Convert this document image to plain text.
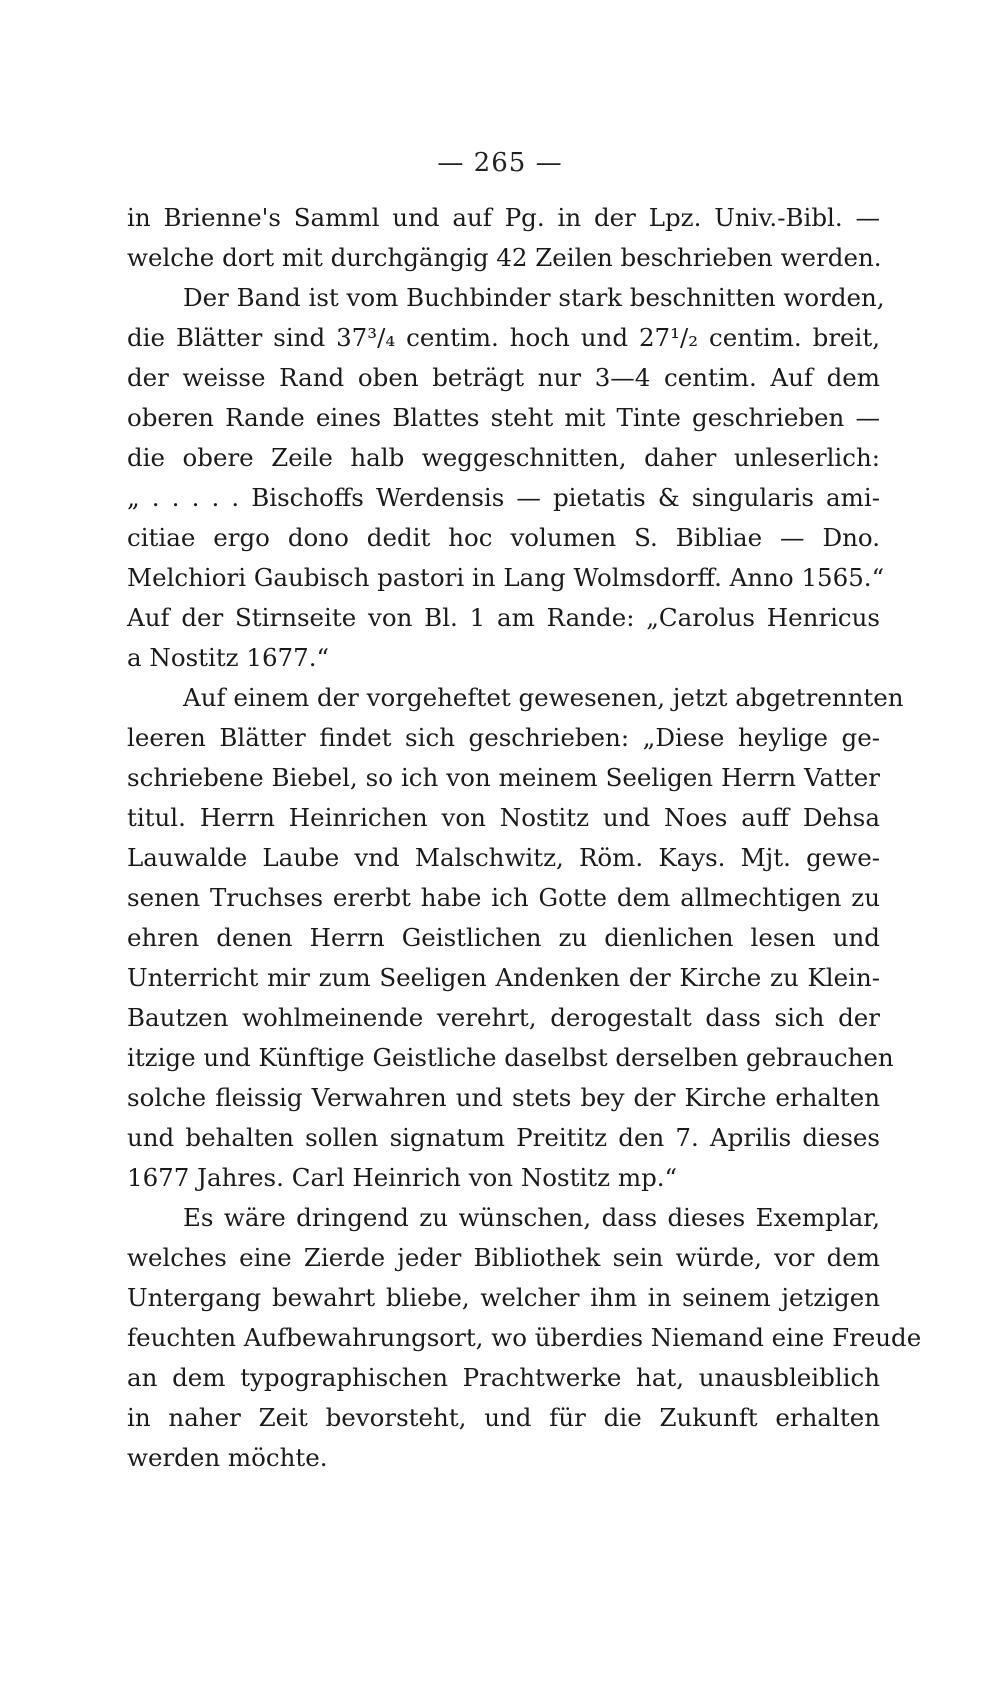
— 265 —

in Brienne's Samml und auf Pg. in der Lpz. Univ.-Bibl. —
welche dort mit durchgängig 42 Zeilen beschrieben werden.

Der Band ist vom Buchbinder stark beschnitten worden,
die Blätter sind 37³/₄ centim. hoch und 27¹/₂ centim. breit,
der weisse Rand oben beträgt nur 3—4 centim. Auf dem
oberen Rande eines Blattes steht mit Tinte geschrieben —
die obere Zeile halb weggeschnitten, daher unleserlich:
„ . . . . . Bischoffs Werdensis — pietatis & singularis ami-
citiae ergo dono dedit hoc volumen S. Bibliae — Dno.
Melchiori Gaubisch pastori in Lang Wolmsdorff. Anno 1565.“
Auf der Stirnseite von Bl. 1 am Rande: „Carolus Henricus
a Nostitz 1677.“

Auf einem der vorgeheftet gewesenen, jetzt abgetrennten
leeren Blätter findet sich geschrieben: „Diese heylige ge-
schriebene Biebel, so ich von meinem Seeligen Herrn Vatter
titul. Herrn Heinrichen von Nostitz und Noes auff Dehsa
Lauwalde Laube vnd Malschwitz, Röm. Kays. Mjt. gewe-
senen Truchses ererbt habe ich Gotte dem allmechtigen zu
ehren denen Herrn Geistlichen zu dienlichen lesen und
Unterricht mir zum Seeligen Andenken der Kirche zu Klein-
Bautzen wohlmeinende verehrt, derogestalt dass sich der
itzige und Künftige Geistliche daselbst derselben gebrauchen
solche fleissig Verwahren und stets bey der Kirche erhalten
und behalten sollen signatum Preititz den 7. Aprilis dieses
1677 Jahres. Carl Heinrich von Nostitz mp.“

Es wäre dringend zu wünschen, dass dieses Exemplar,
welches eine Zierde jeder Bibliothek sein würde, vor dem
Untergang bewahrt bliebe, welcher ihm in seinem jetzigen
feuchten Aufbewahrungsort, wo überdies Niemand eine Freude
an dem typographischen Prachtwerke hat, unausbleiblich
in naher Zeit bevorsteht, und für die Zukunft erhalten
werden möchte.
